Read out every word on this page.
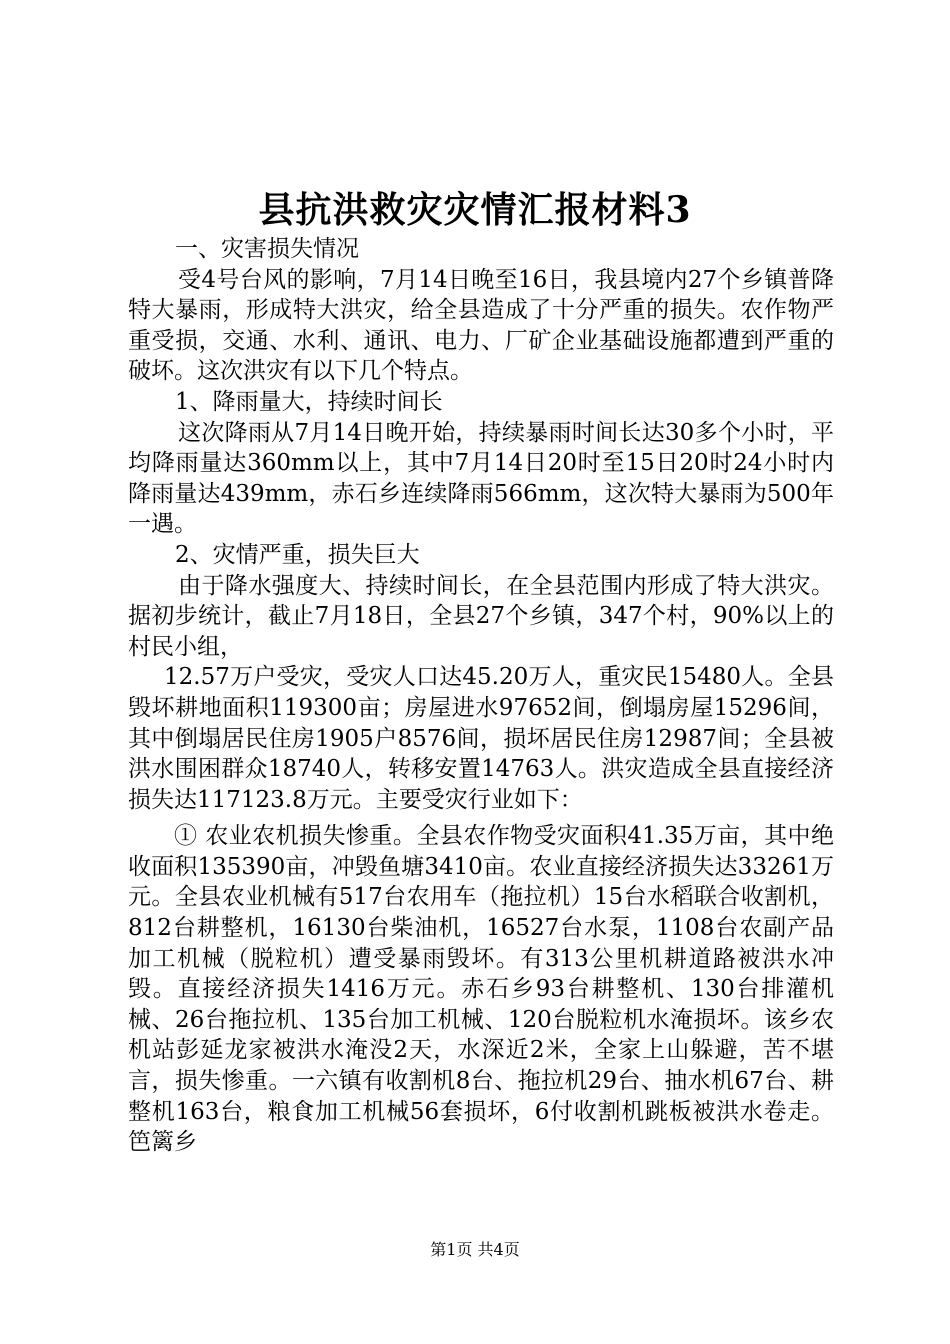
县抗洪救灾灾情汇报材料3

一、灾害损失情况

受4号台风的影响，7月14日晚至16日，我县境内27个乡镇普降特大暴雨，形成特大洪灾，给全县造成了十分严重的损失。农作物严重受损，交通、水利、通讯、电力、厂矿企业基础设施都遭到严重的破坏。这次洪灾有以下几个特点。

1、降雨量大，持续时间长

这次降雨从7月14日晚开始，持续暴雨时间长达30多个小时，平均降雨量达360mm以上，其中7月14日20时至15日20时24小时内降雨量达439mm，赤石乡连续降雨566mm，这次特大暴雨为500年一遇。

2、灾情严重，损失巨大

由于降水强度大、持续时间长，在全县范围内形成了特大洪灾。据初步统计，截止7月18日，全县27个乡镇，347个村，90%以上的村民小组，

12.57万户受灾，受灾人口达45.20万人，重灾民15480人。全县毁坏耕地面积119300亩；房屋进水97652间，倒塌房屋15296间，其中倒塌居民住房1905户8576间，损坏居民住房12987间；全县被洪水围困群众18740人，转移安置14763人。洪灾造成全县直接经济损失达117123.8万元。主要受灾行业如下：

① 农业农机损失惨重。全县农作物受灾面积41.35万亩，其中绝收面积135390亩，冲毁鱼塘3410亩。农业直接经济损失达33261万元。全县农业机械有517台农用车（拖拉机）15台水稻联合收割机，812台耕整机，16130台柴油机，16527台水泵，1108台农副产品加工机械（脱粒机）遭受暴雨毁坏。有313公里机耕道路被洪水冲毁。直接经济损失1416万元。赤石乡93台耕整机、130台排灌机械、26台拖拉机、135台加工机械、120台脱粒机水淹损坏。该乡农机站彭延龙家被洪水淹没2天，水深近2米，全家上山躲避，苦不堪言，损失惨重。一六镇有收割机8台、拖拉机29台、抽水机67台、耕整机163台，粮食加工机械56套损坏，6付收割机跳板被洪水卷走。笆篱乡

第1页 共4页
